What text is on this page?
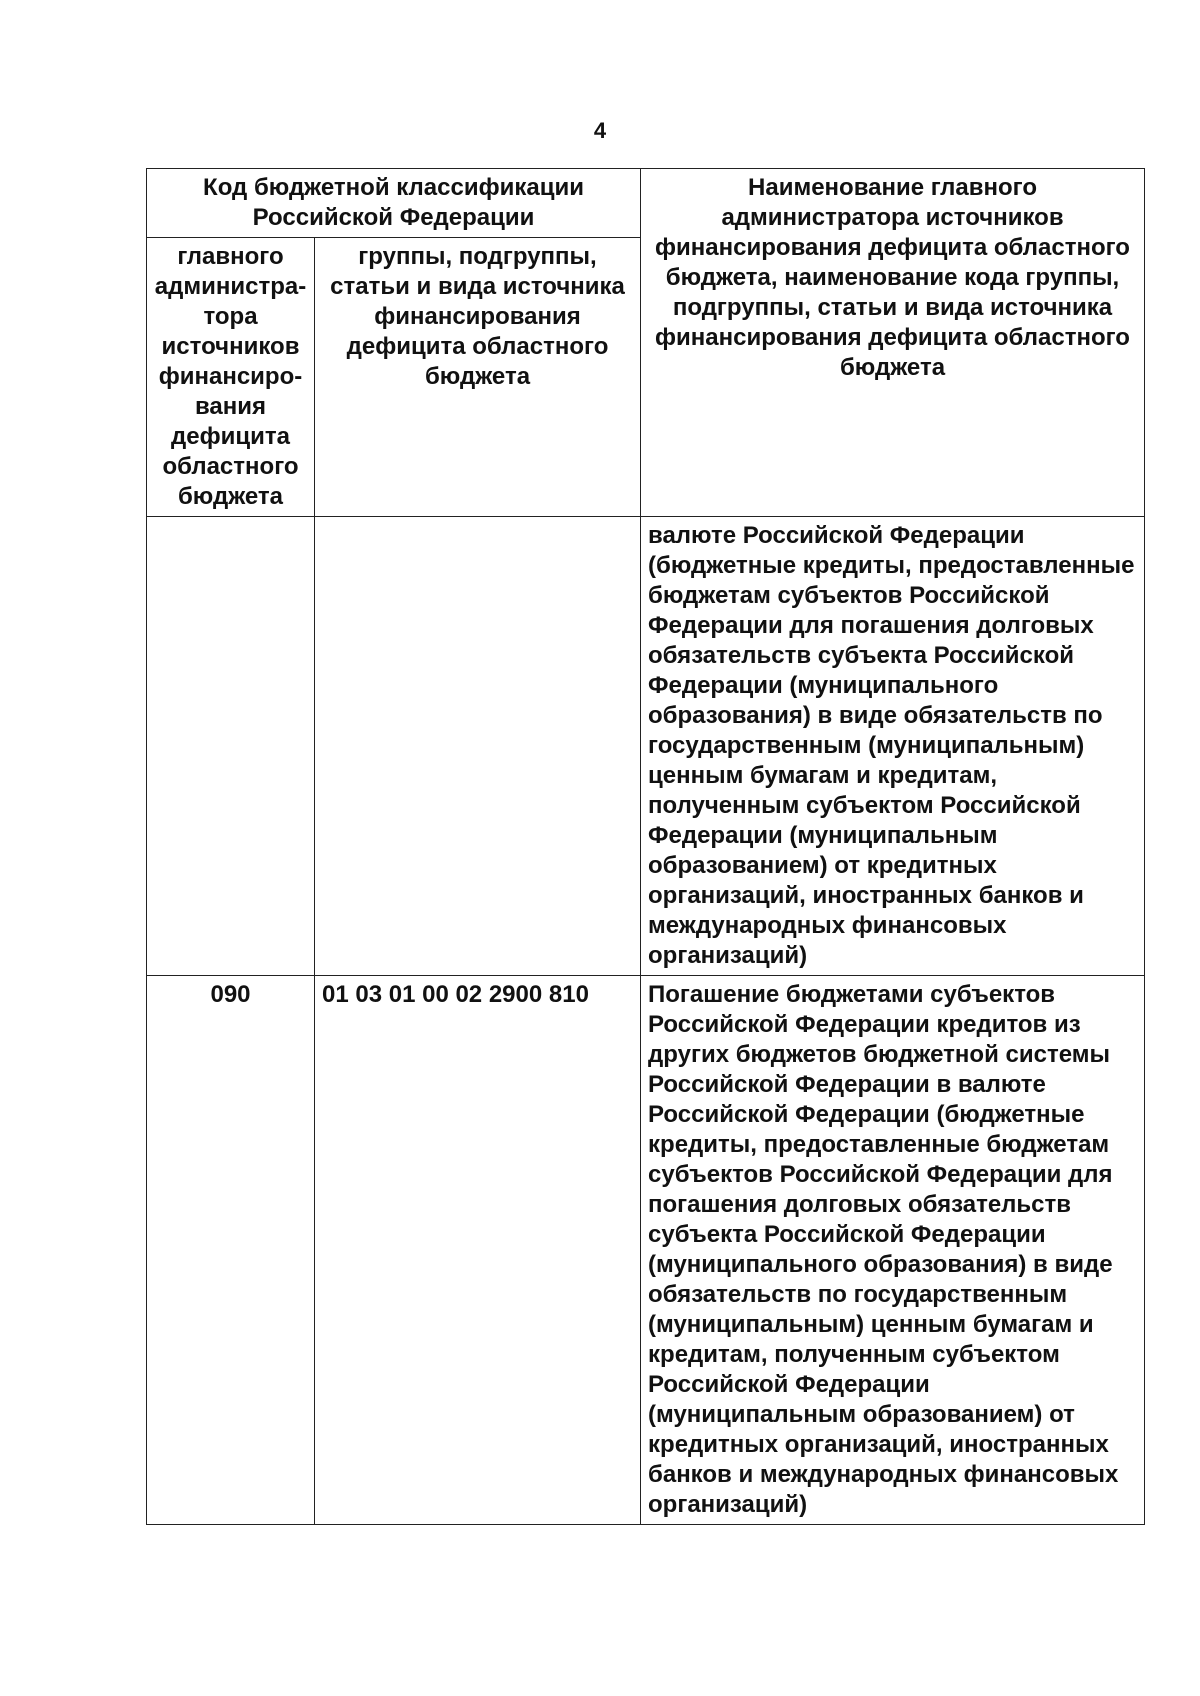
4
Код бюджетной классификации Российской Федерации		Наименование главного администратора источников финансирования дефицита областного бюджета, наименование кода группы, подгруппы, статьи и вида источника финансирования дефицита областного бюджета
главного администра-тора источников финансиро-вания дефицита областного бюджета	группы, подгруппы, статьи и вида источника финансирования дефицита областного бюджета	
		валюте Российской Федерации (бюджетные кредиты, предоставленные бюджетам субъектов Российской Федерации для погашения долговых обязательств субъекта Российской Федерации (муниципального образования) в виде обязательств по государственным (муниципальным) ценным бумагам и кредитам, полученным субъектом Российской Федерации (муниципальным образованием) от кредитных организаций, иностранных банков и международных финансовых организаций)
090	01 03 01 00 02 2900 810	Погашение бюджетами субъектов Российской Федерации кредитов из других бюджетов бюджетной системы Российской Федерации в валюте Российской Федерации (бюджетные кредиты, предоставленные бюджетам субъектов Российской Федерации для погашения долговых обязательств субъекта Российской Федерации (муниципального образования) в виде обязательств по государственным (муниципальным) ценным бумагам и кредитам, полученным субъектом Российской Федерации (муниципальным образованием) от кредитных организаций, иностранных банков и международных финансовых организаций)
